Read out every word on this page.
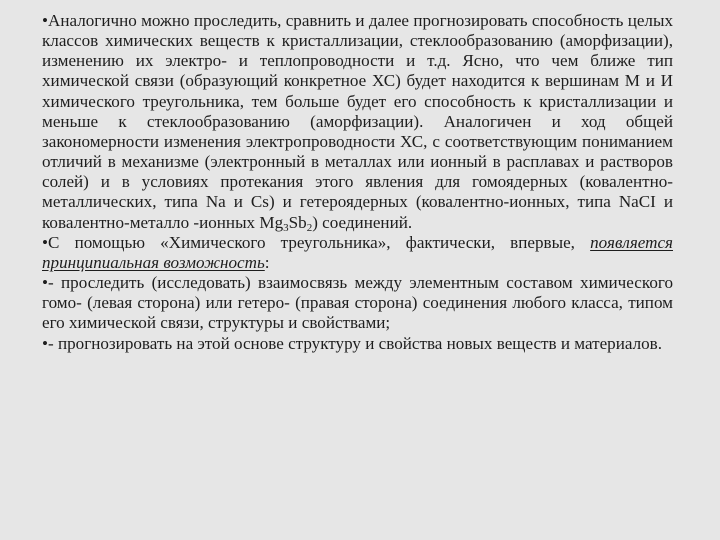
•Аналогично можно проследить, сравнить и далее прогнозировать способность целых классов химических веществ к кристаллизации, стеклообразованию (аморфизации), изменению их электро- и теплопроводности и т.д. Ясно, что чем ближе тип химической связи (образующий конкретное ХС) будет находится к вершинам М и И химического треугольника, тем больше будет его способность к кристаллизации и меньше к стеклообразованию (аморфизации). Аналогичен и ход общей закономерности изменения электропроводности ХС, с соответствующим пониманием отличий в механизме (электронный в металлах или ионный в расплавах и растворов солей) и в условиях протекания этого явления для гомоядерных (ковалентно-металлических, типа Na и Cs) и гетероядерных (ковалентно-ионных, типа NaCI и ковалентно-металло -ионных $Mg_3Sb_2$) соединений.

•С помощью «Химического треугольника», фактически, впервые, появляется принципиальная возможность:

•- проследить (исследовать) взаимосвязь между элементным составом химического гомо- (левая сторона) или гетеро- (правая сторона) соединения любого класса, типом его химической связи, структуры и свойствами;

•- прогнозировать на этой основе структуру и свойства новых веществ и материалов.
